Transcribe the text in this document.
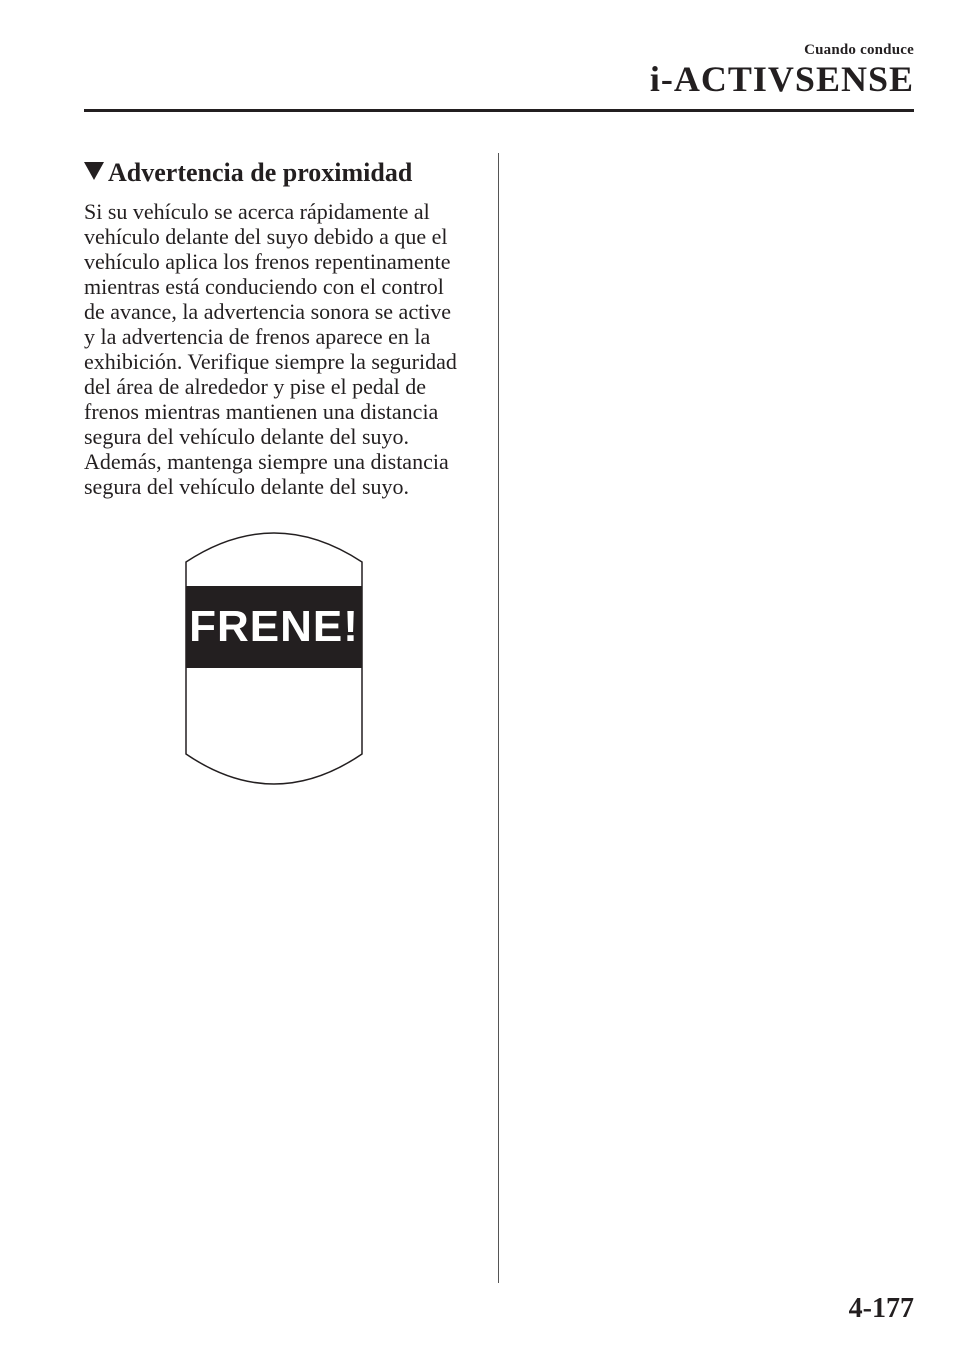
Cuando conduce
i-ACTIVSENSE
Advertencia de proximidad
Si su vehículo se acerca rápidamente al
vehículo delante del suyo debido a que el
vehículo aplica los frenos repentinamente
mientras está conduciendo con el control
de avance, la advertencia sonora se active
y la advertencia de frenos aparece en la
exhibición. Verifique siempre la seguridad
del área de alrededor y pise el pedal de
frenos mientras mantienen una distancia
segura del vehículo delante del suyo.
Además, mantenga siempre una distancia
segura del vehículo delante del suyo.
FRENE!
4-177
